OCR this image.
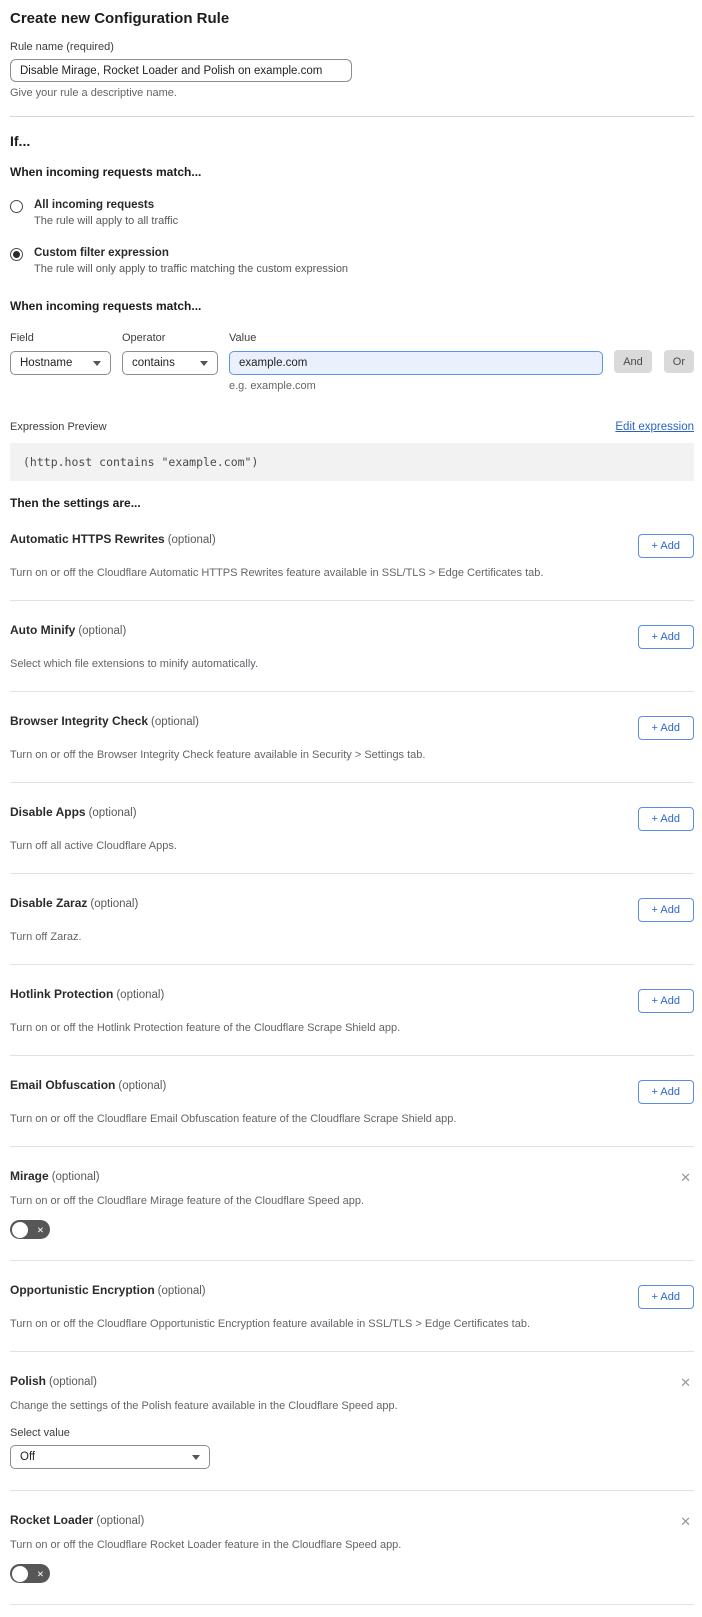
Create new Configuration Rule
Rule name (required)
Disable Mirage, Rocket Loader and Polish on example.com
Give your rule a descriptive name.
If...
When incoming requests match...
All incoming requests
The rule will apply to all traffic
Custom filter expression
The rule will only apply to traffic matching the custom expression
When incoming requests match...
Field
Hostname
Operator
contains
Value
example.com
e.g. example.com
And	Or
Expression Preview	Edit expression
(http.host contains "example.com")
Then the settings are...
Automatic HTTPS Rewrites (optional)	+ Add
Turn on or off the Cloudflare Automatic HTTPS Rewrites feature available in SSL/TLS > Edge Certificates tab.
Auto Minify (optional)	+ Add
Select which file extensions to minify automatically.
Browser Integrity Check (optional)	+ Add
Turn on or off the Browser Integrity Check feature available in Security > Settings tab.
Disable Apps (optional)	+ Add
Turn off all active Cloudflare Apps.
Disable Zaraz (optional)	+ Add
Turn off Zaraz.
Hotlink Protection (optional)	+ Add
Turn on or off the Hotlink Protection feature of the Cloudflare Scrape Shield app.
Email Obfuscation (optional)	+ Add
Turn on or off the Cloudflare Email Obfuscation feature of the Cloudflare Scrape Shield app.
Mirage (optional)	✕
Turn on or off the Cloudflare Mirage feature of the Cloudflare Speed app.
✕
Opportunistic Encryption (optional)	+ Add
Turn on or off the Cloudflare Opportunistic Encryption feature available in SSL/TLS > Edge Certificates tab.
Polish (optional)	✕
Change the settings of the Polish feature available in the Cloudflare Speed app.
Select value
Off
Rocket Loader (optional)	✕
Turn on or off the Cloudflare Rocket Loader feature in the Cloudflare Speed app.
✕
